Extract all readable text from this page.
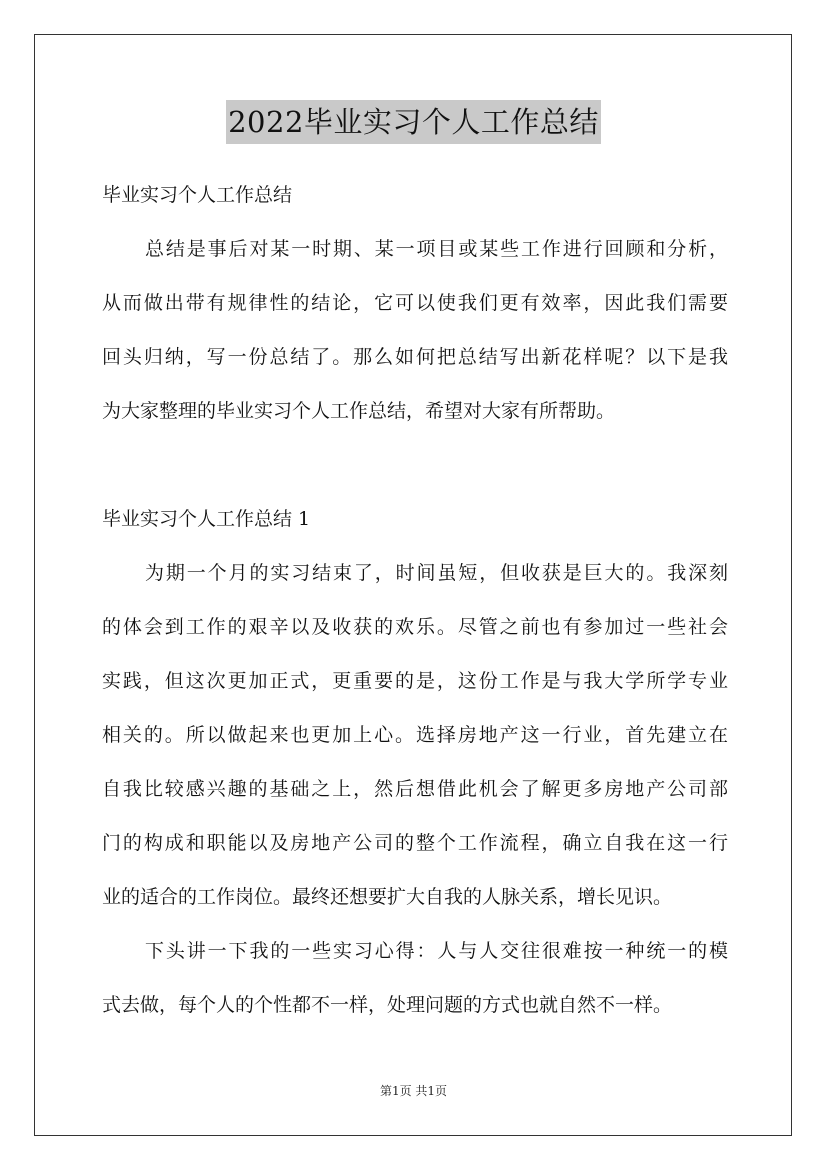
2022毕业实习个人工作总结
毕业实习个人工作总结
总结是事后对某一时期、某一项目或某些工作进行回顾和分析，
从而做出带有规律性的结论，它可以使我们更有效率，因此我们需要
回头归纳，写一份总结了。那么如何把总结写出新花样呢？以下是我
为大家整理的毕业实习个人工作总结，希望对大家有所帮助。
毕业实习个人工作总结 1
为期一个月的实习结束了，时间虽短，但收获是巨大的。我深刻
的体会到工作的艰辛以及收获的欢乐。尽管之前也有参加过一些社会
实践，但这次更加正式，更重要的是，这份工作是与我大学所学专业
相关的。所以做起来也更加上心。选择房地产这一行业，首先建立在
自我比较感兴趣的基础之上，然后想借此机会了解更多房地产公司部
门的构成和职能以及房地产公司的整个工作流程，确立自我在这一行
业的适合的工作岗位。最终还想要扩大自我的人脉关系，增长见识。
下头讲一下我的一些实习心得：人与人交往很难按一种统一的模
式去做，每个人的个性都不一样，处理问题的方式也就自然不一样。
第1页 共1页
